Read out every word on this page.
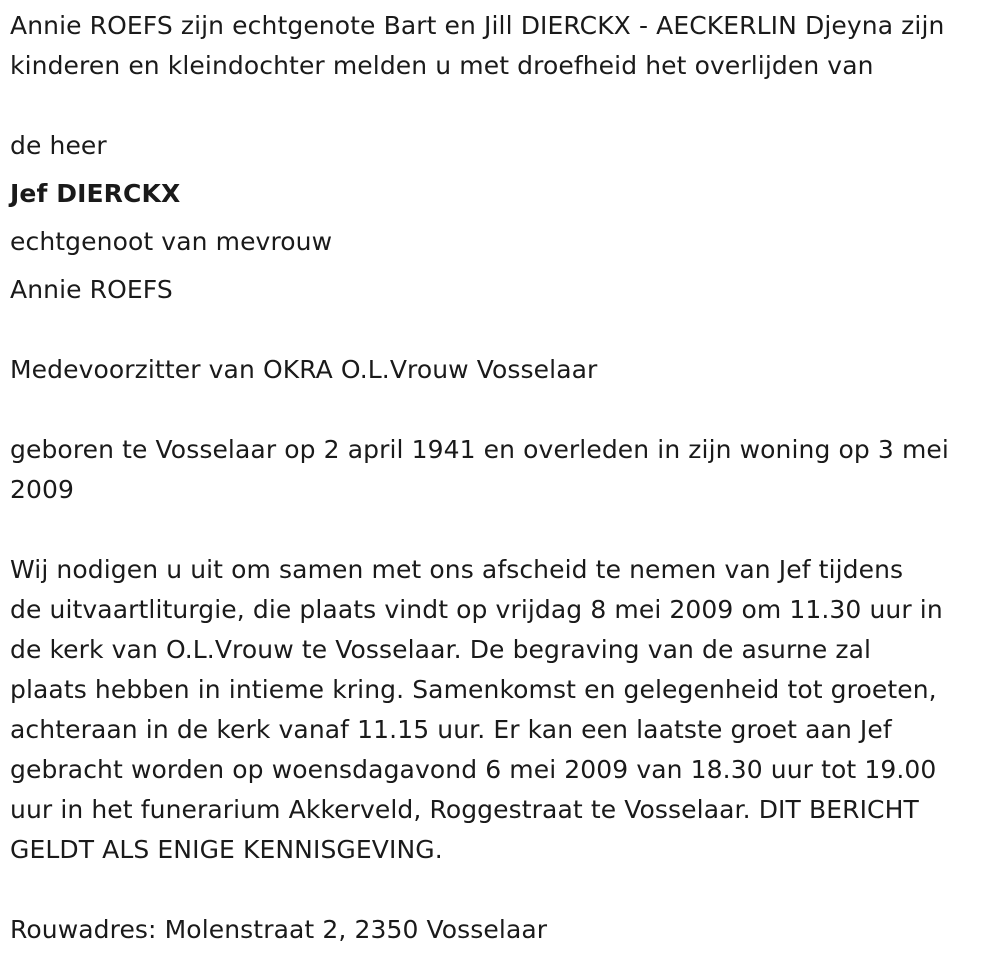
Annie ROEFS zijn echtgenote Bart en Jill DIERCKX - AECKERLIN Djeyna zijn
kinderen en kleindochter melden u met droefheid het overlijden van
de heer
Jef DIERCKX
echtgenoot van mevrouw
Annie ROEFS
Medevoorzitter van OKRA O.L.Vrouw Vosselaar
geboren te Vosselaar op 2 april 1941 en overleden in zijn woning op 3 mei
2009
Wij nodigen u uit om samen met ons afscheid te nemen van Jef tijdens
de uitvaartliturgie, die plaats vindt op vrijdag 8 mei 2009 om 11.30 uur in
de kerk van O.L.Vrouw te Vosselaar. De begraving van de asurne zal
plaats hebben in intieme kring. Samenkomst en gelegenheid tot groeten,
achteraan in de kerk vanaf 11.15 uur. Er kan een laatste groet aan Jef
gebracht worden op woensdagavond 6 mei 2009 van 18.30 uur tot 19.00
uur in het funerarium Akkerveld, Roggestraat te Vosselaar. DIT BERICHT
GELDT ALS ENIGE KENNISGEVING.
Rouwadres: Molenstraat 2, 2350 Vosselaar
